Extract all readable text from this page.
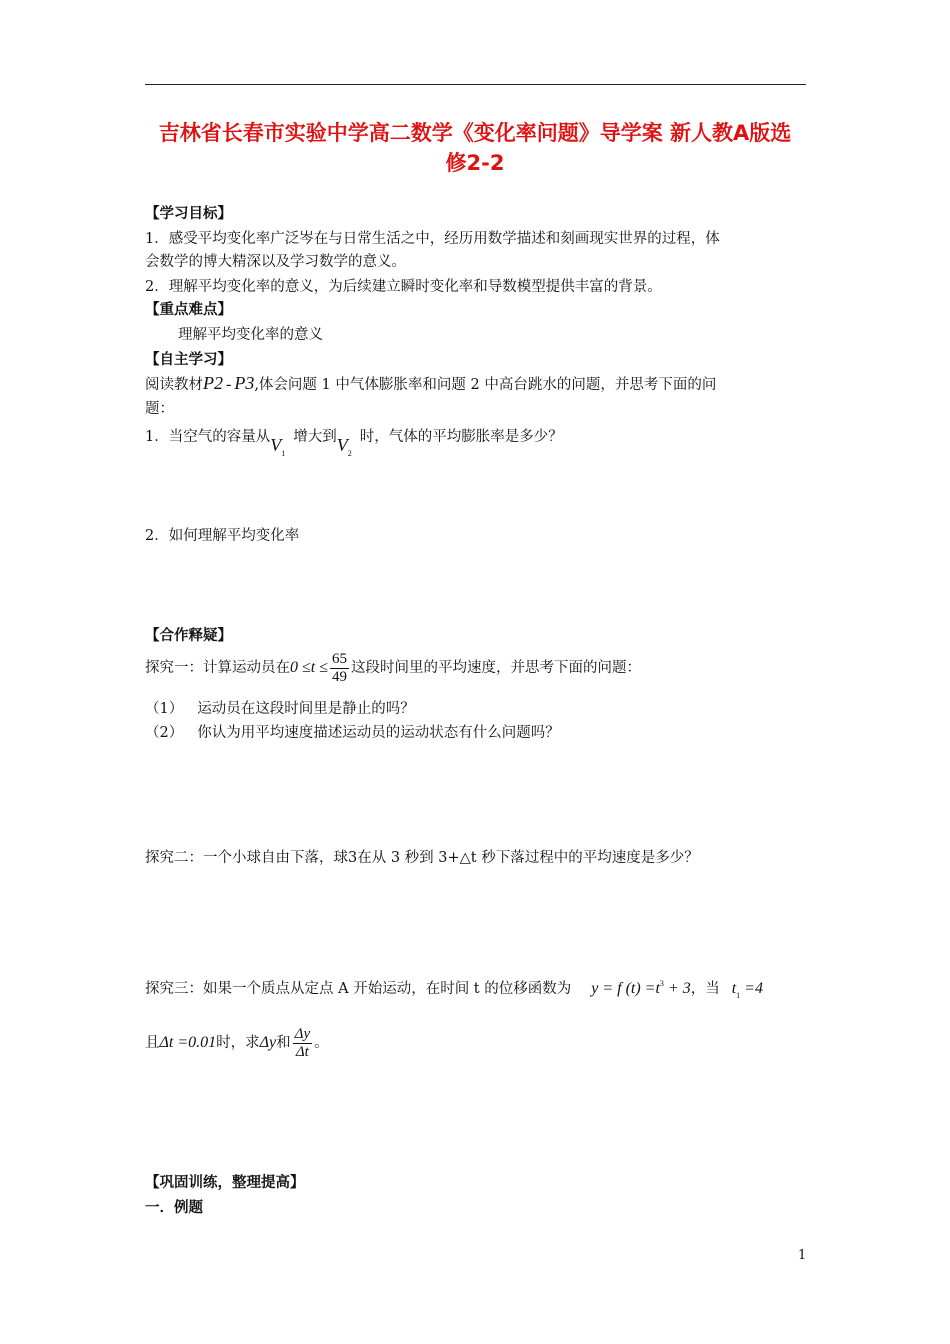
吉林省长春市实验中学高二数学《变化率问题》导学案 新人教A版选
修2-2
【学习目标】
1．感受平均变化率广泛岑在与日常生活之中，经历用数学描述和刻画现实世界的过程，体
会数学的博大精深以及学习数学的意义。
2．理解平均变化率的意义，为后续建立瞬时变化率和导数模型提供丰富的背景。
【重点难点】
理解平均变化率的意义
【自主学习】
阅读教材P2 - P3,体会问题 1 中气体膨胀率和问题 2 中高台跳水的问题，并思考下面的问
题：
1．当空气的容量从$V_1$增大到$V_2$时，气体的平均膨胀率是多少？
2．如何理解平均变化率
【合作释疑】
探究一：计算运动员在$0 \le t \le \frac{65}{49}$ 这段时间里的平均速度，并思考下面的问题：
（1） 运动员在这段时间里是静止的吗？
（2） 你认为用平均速度描述运动员的运动状态有什么问题吗？
探究二：一个小球自由下落，球3在从 3 秒到 3+△t 秒下落过程中的平均速度是多少？
探究三：如果一个质点从定点 A 开始运动，在时间 t 的位移函数为 y = f $(t) =t^3 + 3$，当 $t_1 =4$
且Δt =0.01时，求Δy和 $\frac{\Delta y}{\Delta t}$ 。
【巩固训练，整理提高】
一．例题
1
